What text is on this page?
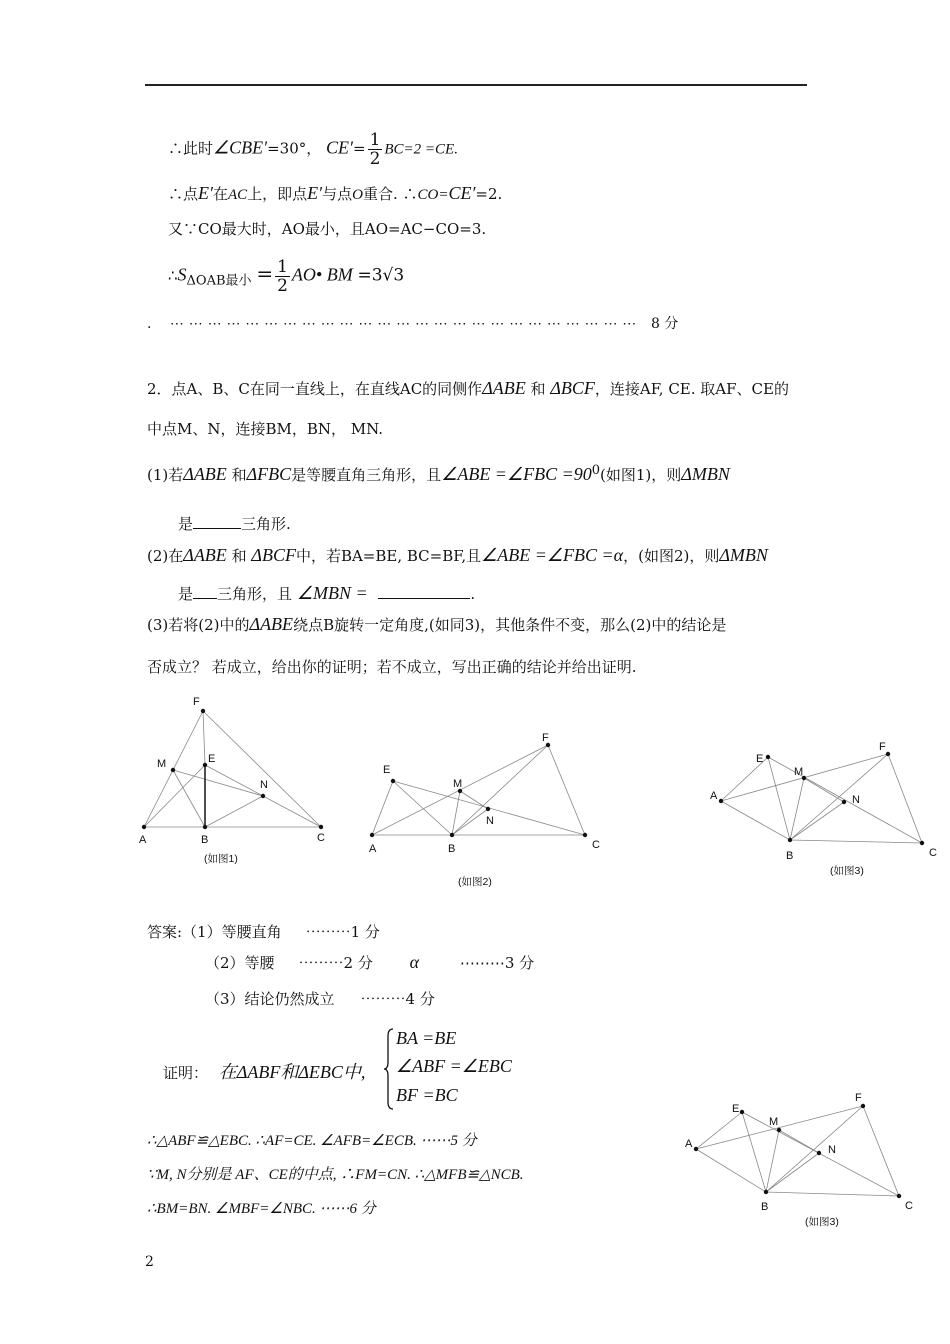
∴此时∠CBE′=30°， $CE'= \frac{1}{2} BC=2 =CE$.
∴点E′在AC上，即点E′与点O重合. ∴CO=CE′=2.
又∵CO最大时，AO最小，且AO=AC−CO=3.
$\therefore S_{\Delta OAB最小} = \frac{1}{2}$ AO• BM =3√3
. ⋯ ⋯ ⋯ ⋯ ⋯ ⋯ ⋯ ⋯ ⋯ ⋯ ⋯ ⋯ ⋯ ⋯ ⋯ ⋯ ⋯ ⋯ ⋯ ⋯ ⋯ ⋯ ⋯ ⋯ ⋯ 8 分
2．点A、B、C在同一直线上，在直线AC的同侧作ΔABE 和 ΔBCF，连接AF, CE. 取AF、CE的
中点M、N，连接BM，BN， MN.
(1)若ΔABE 和ΔFBC是等腰直角三角形，且∠ABE =∠FBC $=90^0$(如图1)，则ΔMBN
是	三角形.
(2)在ΔABE 和 ΔBCF中，若BA=BE, BC=BF,且∠ABE =∠FBC =α，(如图2)，则ΔMBN
是 三角形，且 ∠MBN =	.
(3)若将(2)中的ΔABE绕点B旋转一定角度,(如同3)，其他条件不变，那么(2)中的结论是
否成立？ 若成立，给出你的证明；若不成立，写出正确的结论并给出证明.
F
E
M
N
A	B	C
(如图1)
F
E
M
N
A	B	C
(如图2)
F
E
M
N
A
B	C
(如图3)
答案:（1）等腰直角 ⋯⋯⋯1 分
（2）等腰 ⋯⋯⋯2 分 α	⋯⋯⋯3 分
（3）结论仍然成立 ⋯⋯⋯4 分
证明： 在ΔABF和ΔEBC中,
BA =BE
∠ABF =∠EBC
BF =BC
∴△ABF≌△EBC. ∴AF=CE. ∠AFB=∠ECB. ⋯⋯5 分
∵M, N分别是 AF、CE的中点, ∴FM=CN. ∴△MFB≌△NCB.
∴BM=BN. ∠MBF=∠NBC. ⋯⋯6 分
F
E
M
N
A
B	C
(如图3)
2
